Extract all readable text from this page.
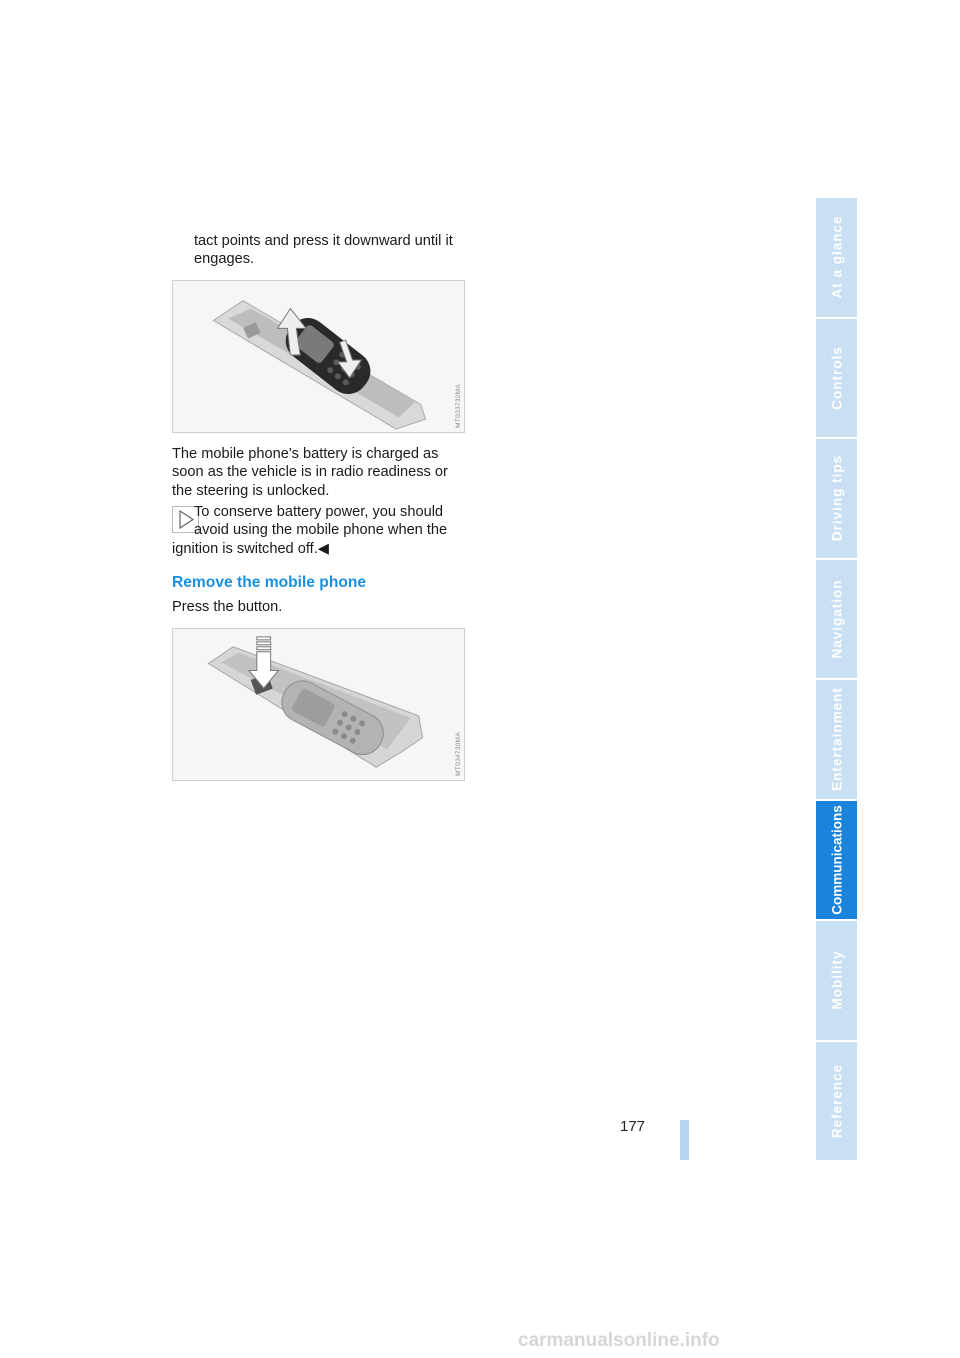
tact points and press it downward until it engages.

MT033732MA

The mobile phone's battery is charged as soon as the vehicle is in radio readiness or the steering is unlocked.

To conserve battery power, you should
avoid using the mobile phone when the
ignition is switched off.◀

Remove the mobile phone

Press the button.

MT034730MA
177
At a glance
Controls
Driving tips
Navigation
Entertainment
Communications
Mobility
Reference
carmanualsonline.info
